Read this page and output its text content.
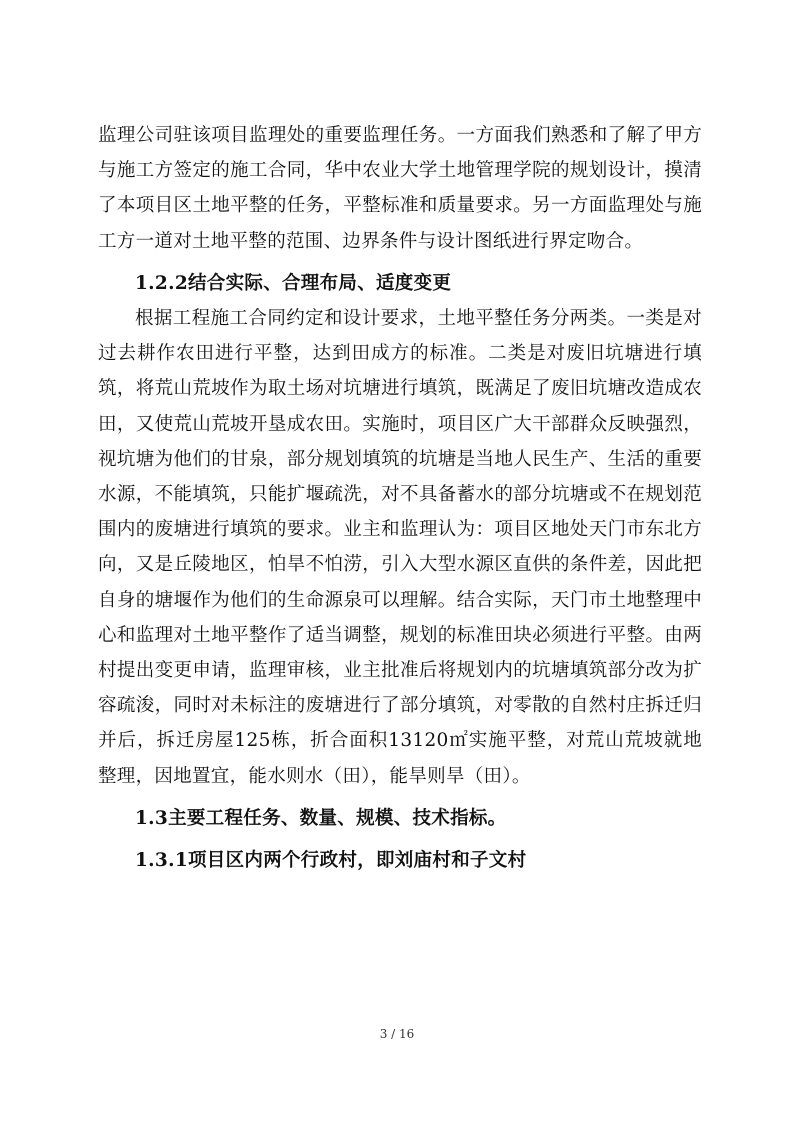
监理公司驻该项目监理处的重要监理任务。一方面我们熟悉和了解了甲方与施工方签定的施工合同，华中农业大学土地管理学院的规划设计，摸清了本项目区土地平整的任务，平整标准和质量要求。另一方面监理处与施工方一道对土地平整的范围、边界条件与设计图纸进行界定吻合。

1.2.2结合实际、合理布局、适度变更

根据工程施工合同约定和设计要求，土地平整任务分两类。一类是对过去耕作农田进行平整，达到田成方的标准。二类是对废旧坑塘进行填筑，将荒山荒坡作为取土场对坑塘进行填筑，既满足了废旧坑塘改造成农田，又使荒山荒坡开垦成农田。实施时，项目区广大干部群众反映强烈，视坑塘为他们的甘泉，部分规划填筑的坑塘是当地人民生产、生活的重要水源，不能填筑，只能扩堰疏洗，对不具备蓄水的部分坑塘或不在规划范围内的废塘进行填筑的要求。业主和监理认为：项目区地处天门市东北方向，又是丘陵地区，怕旱不怕涝，引入大型水源区直供的条件差，因此把自身的塘堰作为他们的生命源泉可以理解。结合实际，天门市土地整理中心和监理对土地平整作了适当调整，规划的标准田块必须进行平整。由两村提出变更申请，监理审核，业主批准后将规划内的坑塘填筑部分改为扩容疏浚，同时对未标注的废塘进行了部分填筑，对零散的自然村庄拆迁归并后，拆迁房屋125栋，折合面积13120㎡实施平整，对荒山荒坡就地整理，因地置宜，能水则水（田），能旱则旱（田）。

1.3主要工程任务、数量、规模、技术指标。

1.3.1项目区内两个行政村，即刘庙村和子文村

3 / 16
